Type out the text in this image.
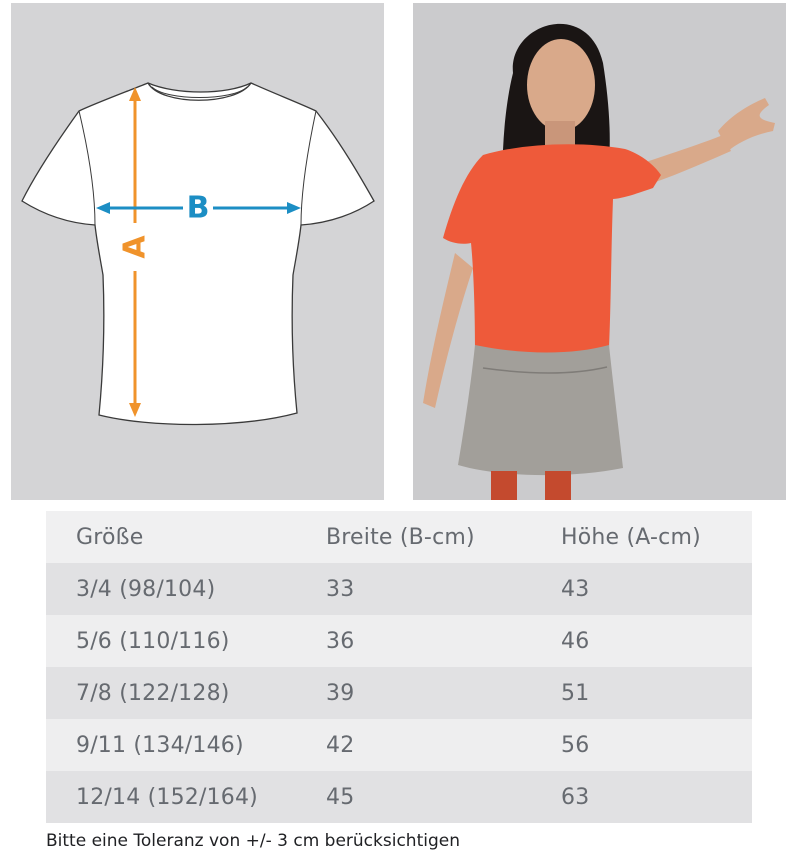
A
B
Größe	Breite (B-cm)	Höhe (A-cm)
3/4 (98/104)	33	43
5/6 (110/116)	36	46
7/8 (122/128)	39	51
9/11 (134/146)	42	56
12/14 (152/164)	45	63
Bitte eine Toleranz von +/- 3 cm berücksichtigen
